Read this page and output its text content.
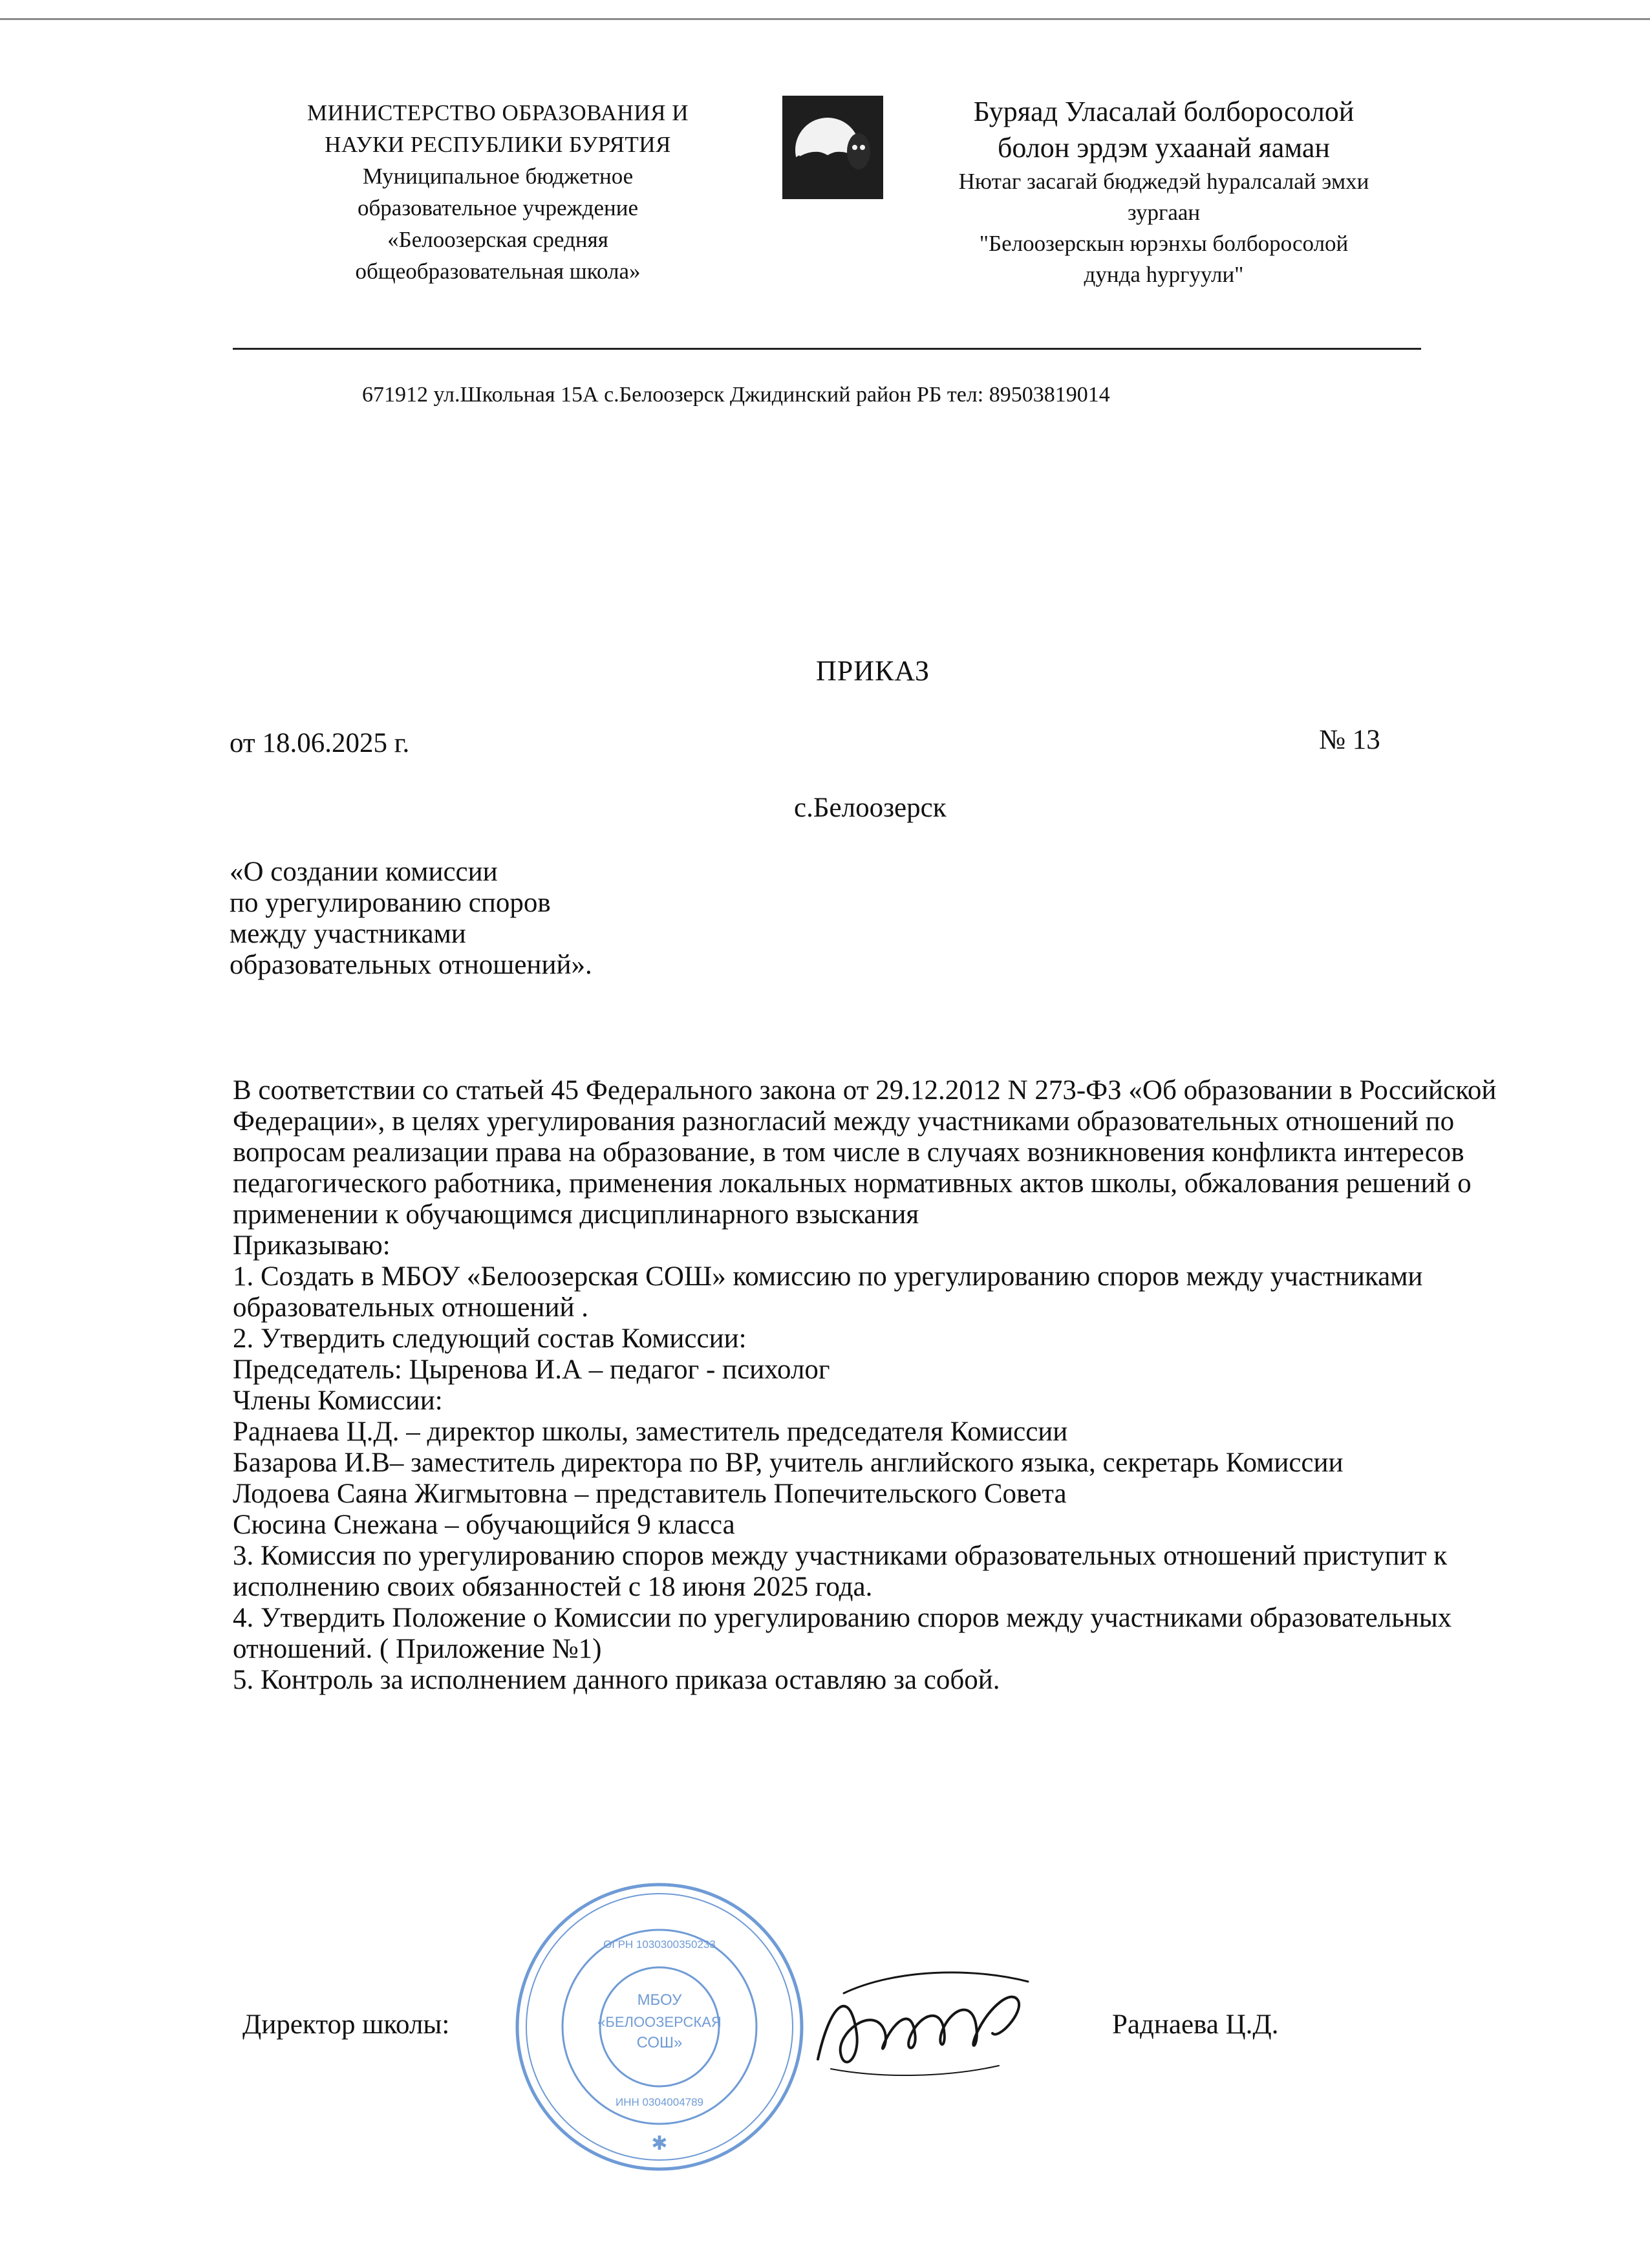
МИНИСТЕРСТВО ОБРАЗОВАНИЯ И
НАУКИ РЕСПУБЛИКИ БУРЯТИЯ
Муниципальное бюджетное
образовательное учреждение
«Белоозерская средняя
общеобразовательная школа»
Буряад Уласалай болборосолой
болон эрдэм ухаанай яаман
Нютаг засагай бюджедэй hуралсалай эмхи
зургаан
"Белоозерскын юрэнхы болборосолой
дунда hургуули"
671912 ул.Школьная 15А с.Белоозерск Джидинский район РБ тел: 89503819014
ПРИКАЗ
от 18.06.2025 г.	№ 13
с.Белоозерск
«О создании комиссии
по урегулированию споров
между участниками
образовательных отношений».

В соответствии со статьей 45 Федерального закона от 29.12.2012 N 273-ФЗ «Об образовании в Российской Федерации», в целях урегулирования разногласий между участниками образовательных отношений по вопросам реализации права на образование, в том числе в случаях возникновения конфликта интересов педагогического работника, применения локальных нормативных актов школы, обжалования решений о применении к обучающимся дисциплинарного взыскания

Приказываю:

1. Создать в МБОУ «Белоозерская СОШ» комиссию по урегулированию споров между участниками образовательных отношений .

2. Утвердить следующий состав Комиссии:

Председатель: Цыренова И.А – педагог - психолог

Члены Комиссии:

Раднаева Ц.Д. – директор школы, заместитель председателя Комиссии

Базарова И.В– заместитель директора по ВР, учитель английского языка, секретарь Комиссии

Лодоева Саяна Жигмытовна – представитель Попечительского Совета

Сюсина Снежана – обучающийся 9 класса

3. Комиссия по урегулированию споров между участниками образовательных отношений приступит к исполнению своих обязанностей с 18 июня 2025 года.

4. Утвердить Положение о Комиссии по урегулированию споров между участниками образовательных отношений. ( Приложение №1)

5. Контроль за исполнением данного приказа оставляю за собой.

МБОУ
«БЕЛООЗЕРСКАЯ
СОШ»
ОГРН 1030300350233
ИНН 0304004789
✱
Директор школы:	Раднаева Ц.Д.
